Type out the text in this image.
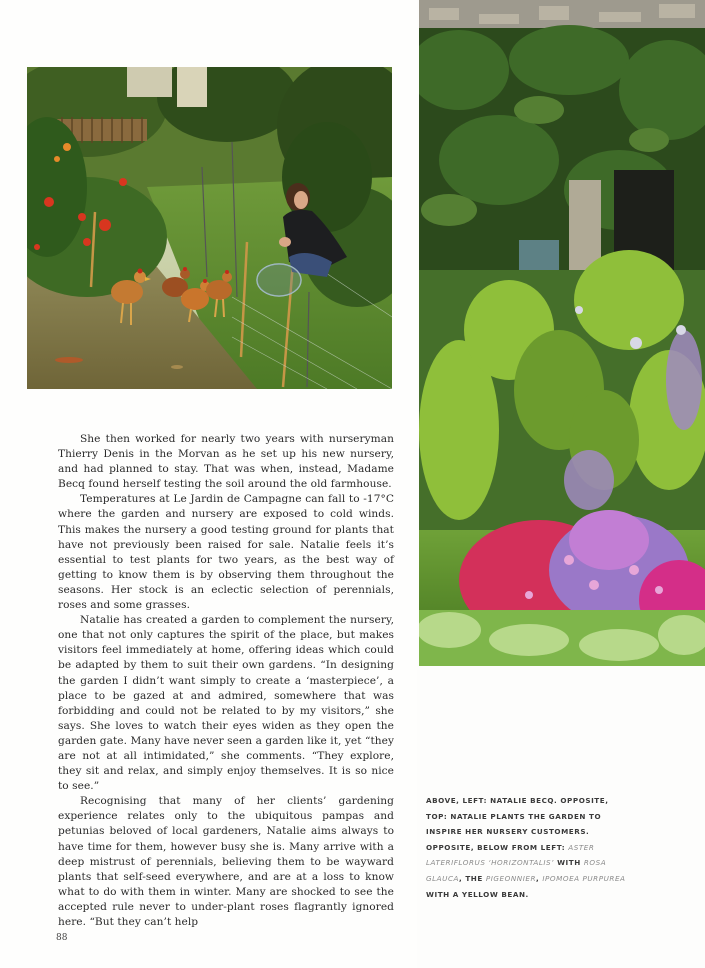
She then worked for nearly two years with nurseryman Thierry Denis in the Morvan as he set up his new nursery, and had planned to stay. That was when, instead, Madame Becq found herself testing the soil around the old farmhouse.

Temperatures at Le Jardin de Campagne can fall to -17°C where the garden and nursery are exposed to cold winds. This makes the nursery a good testing ground for plants that have not previously been raised for sale. Natalie feels it’s essential to test plants for two years, as the best way of getting to know them is by observing them throughout the seasons. Her stock is an eclectic selection of perennials, roses and some grasses.

Natalie has created a garden to complement the nursery, one that not only captures the spirit of the place, but makes visitors feel immediately at home, offering ideas which could be adapted by them to suit their own gardens. “In designing the garden I didn’t want simply to create a ‘masterpiece’, a place to be gazed at and admired, somewhere that was forbidding and could not be related to by my visitors,” she says. She loves to watch their eyes widen as they open the garden gate. Many have never seen a garden like it, yet “they are not at all intimidated,” she comments. “They explore, they sit and relax, and simply enjoy themselves. It is so nice to see.”

Recognising that many of her clients’ gardening experience relates only to the ubiquitous pampas and petunias beloved of local gardeners, Natalie aims always to have time for them, however busy she is. Many arrive with a deep mistrust of perennials, believing them to be wayward plants that self-seed everywhere, and are at a loss to know what to do with them in winter. Many are shocked to see the accepted rule never to under-plant roses flagrantly ignored here. “But they can’t help

ABOVE, LEFT: NATALIE BECQ. OPPOSITE, TOP: NATALIE PLANTS THE GARDEN TO INSPIRE HER NURSERY CUSTOMERS. OPPOSITE, BELOW FROM LEFT: ASTER LATERIFLORUS ‘HORIZONTALIS’ WITH ROSA GLAUCA, THE PIGEONNIER, IPOMOEA PURPUREA WITH A YELLOW BEAN.
88
